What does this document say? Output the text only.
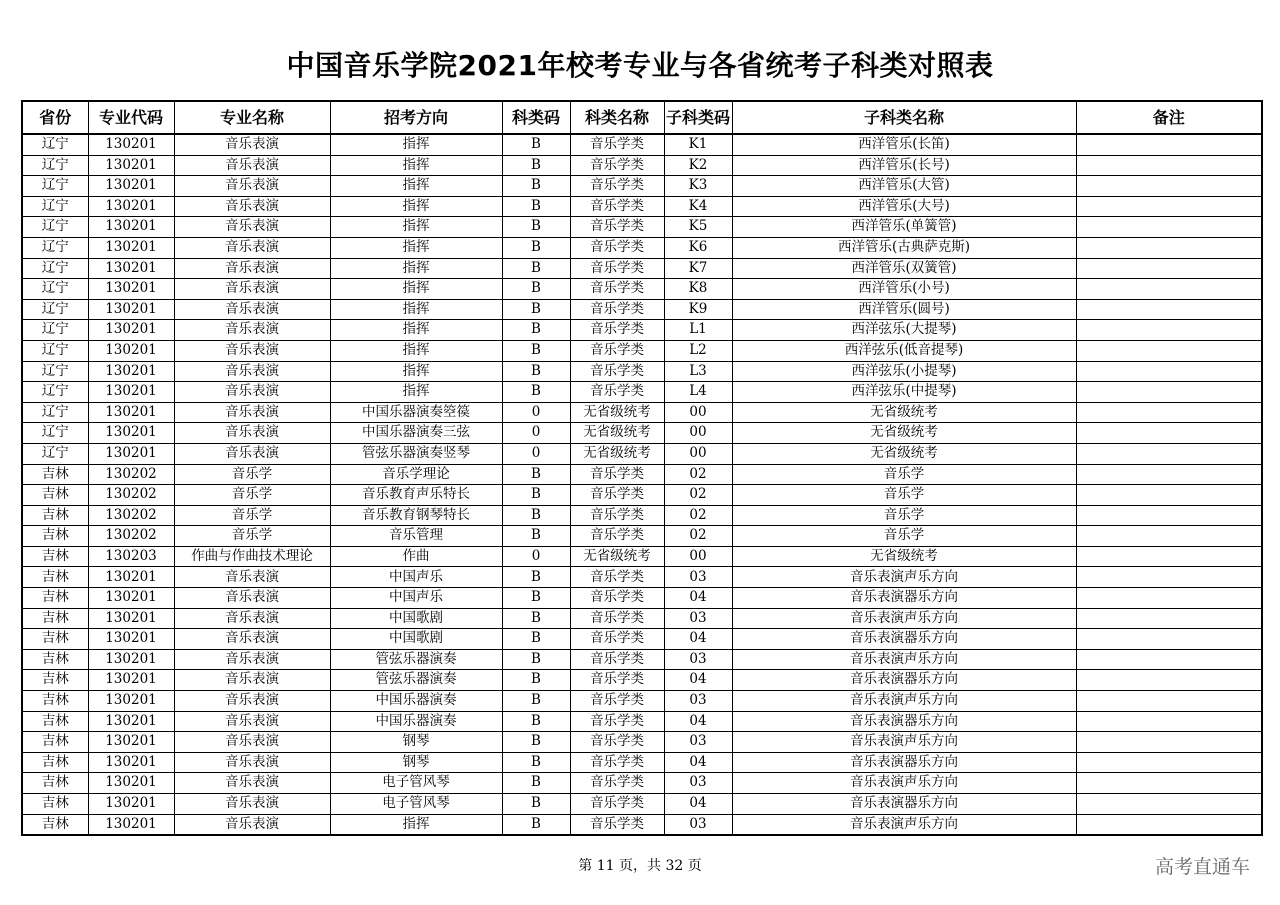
中国音乐学院2021年校考专业与各省统考子科类对照表
省份	专业代码	专业名称	招考方向	科类码	科类名称	子科类码	子科类名称	备注
辽宁	130201	音乐表演	指挥	B	音乐学类	K1	西洋管乐(长笛)	
辽宁	130201	音乐表演	指挥	B	音乐学类	K2	西洋管乐(长号)	
辽宁	130201	音乐表演	指挥	B	音乐学类	K3	西洋管乐(大管)	
辽宁	130201	音乐表演	指挥	B	音乐学类	K4	西洋管乐(大号)	
辽宁	130201	音乐表演	指挥	B	音乐学类	K5	西洋管乐(单簧管)	
辽宁	130201	音乐表演	指挥	B	音乐学类	K6	西洋管乐(古典萨克斯)	
辽宁	130201	音乐表演	指挥	B	音乐学类	K7	西洋管乐(双簧管)	
辽宁	130201	音乐表演	指挥	B	音乐学类	K8	西洋管乐(小号)	
辽宁	130201	音乐表演	指挥	B	音乐学类	K9	西洋管乐(圆号)	
辽宁	130201	音乐表演	指挥	B	音乐学类	L1	西洋弦乐(大提琴)	
辽宁	130201	音乐表演	指挥	B	音乐学类	L2	西洋弦乐(低音提琴)	
辽宁	130201	音乐表演	指挥	B	音乐学类	L3	西洋弦乐(小提琴)	
辽宁	130201	音乐表演	指挥	B	音乐学类	L4	西洋弦乐(中提琴)	
辽宁	130201	音乐表演	中国乐器演奏箜篌	0	无省级统考	00	无省级统考	
辽宁	130201	音乐表演	中国乐器演奏三弦	0	无省级统考	00	无省级统考	
辽宁	130201	音乐表演	管弦乐器演奏竖琴	0	无省级统考	00	无省级统考	
吉林	130202	音乐学	音乐学理论	B	音乐学类	02	音乐学	
吉林	130202	音乐学	音乐教育声乐特长	B	音乐学类	02	音乐学	
吉林	130202	音乐学	音乐教育钢琴特长	B	音乐学类	02	音乐学	
吉林	130202	音乐学	音乐管理	B	音乐学类	02	音乐学	
吉林	130203	作曲与作曲技术理论	作曲	0	无省级统考	00	无省级统考	
吉林	130201	音乐表演	中国声乐	B	音乐学类	03	音乐表演声乐方向	
吉林	130201	音乐表演	中国声乐	B	音乐学类	04	音乐表演器乐方向	
吉林	130201	音乐表演	中国歌剧	B	音乐学类	03	音乐表演声乐方向	
吉林	130201	音乐表演	中国歌剧	B	音乐学类	04	音乐表演器乐方向	
吉林	130201	音乐表演	管弦乐器演奏	B	音乐学类	03	音乐表演声乐方向	
吉林	130201	音乐表演	管弦乐器演奏	B	音乐学类	04	音乐表演器乐方向	
吉林	130201	音乐表演	中国乐器演奏	B	音乐学类	03	音乐表演声乐方向	
吉林	130201	音乐表演	中国乐器演奏	B	音乐学类	04	音乐表演器乐方向	
吉林	130201	音乐表演	钢琴	B	音乐学类	03	音乐表演声乐方向	
吉林	130201	音乐表演	钢琴	B	音乐学类	04	音乐表演器乐方向	
吉林	130201	音乐表演	电子管风琴	B	音乐学类	03	音乐表演声乐方向	
吉林	130201	音乐表演	电子管风琴	B	音乐学类	04	音乐表演器乐方向	
吉林	130201	音乐表演	指挥	B	音乐学类	03	音乐表演声乐方向	
第 11 页，共 32 页	高考直通车
